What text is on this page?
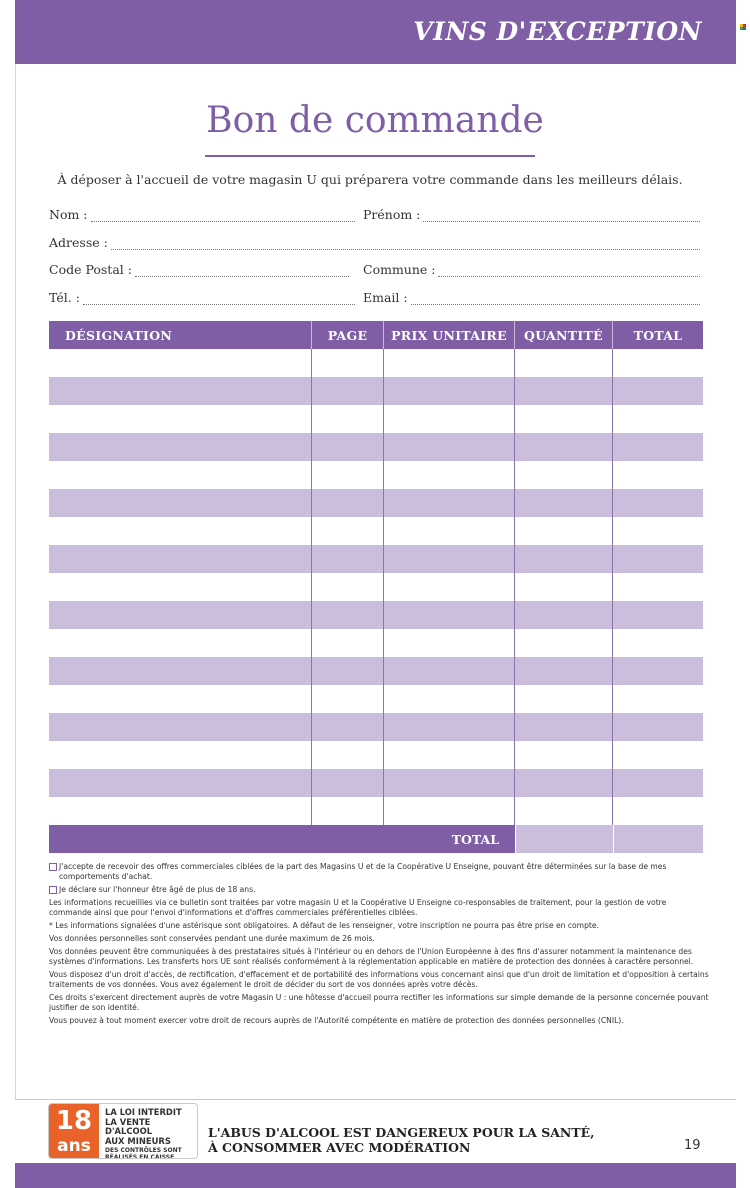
VINS D'EXCEPTION
Bon de commande

À déposer à l'accueil de votre magasin U qui préparera votre commande dans les meilleurs délais.

Nom :	Prénom :
Adresse :
Code Postal :	Commune :
Tél. :	Email :
DÉSIGNATION	PAGE	PRIX UNITAIRE	QUANTITÉ	TOTAL
TOTAL
J'accepte de recevoir des offres commerciales ciblées de la part des Magasins U et de la Coopérative U Enseigne, pouvant être déterminées sur la base de mes comportements d'achat.
Je déclare sur l'honneur être âgé de plus de 18 ans.

Les informations recueillies via ce bulletin sont traitées par votre magasin U et la Coopérative U Enseigne co-responsables de traitement, pour la gestion de votre commande ainsi que pour l'envoi d'informations et d'offres commerciales préférentielles ciblées.

* Les informations signalées d'une astérisque sont obligatoires. A défaut de les renseigner, votre inscription ne pourra pas être prise en compte.

Vos données personnelles sont conservées pendant une durée maximum de 26 mois.

Vos données peuvent être communiquées à des prestataires situés à l'intérieur ou en dehors de l'Union Européenne à des fins d'assurer notamment la maintenance des systèmes d'informations. Les transferts hors UE sont réalisés conformément à la réglementation applicable en matière de protection des données à caractère personnel.

Vous disposez d'un droit d'accès, de rectification, d'effacement et de portabilité des informations vous concernant ainsi que d'un droit de limitation et d'opposition à certains traitements de vos données. Vous avez également le droit de décider du sort de vos données après votre décès.

Ces droits s'exercent directement auprès de votre Magasin U : une hôtesse d'accueil pourra rectifier les informations sur simple demande de la personne concernée pouvant justifier de son identité.

Vous pouvez à tout moment exercer votre droit de recours auprès de l'Autorité compétente en matière de protection des données personnelles (CNIL).

18
ans
LA LOI INTERDIT
LA VENTE D'ALCOOL
AUX MINEURS
DES CONTRÔLES SONT RÉALISÉS EN CAISSE
L'ABUS D'ALCOOL EST DANGEREUX POUR LA SANTÉ,
À CONSOMMER AVEC MODÉRATION	19
